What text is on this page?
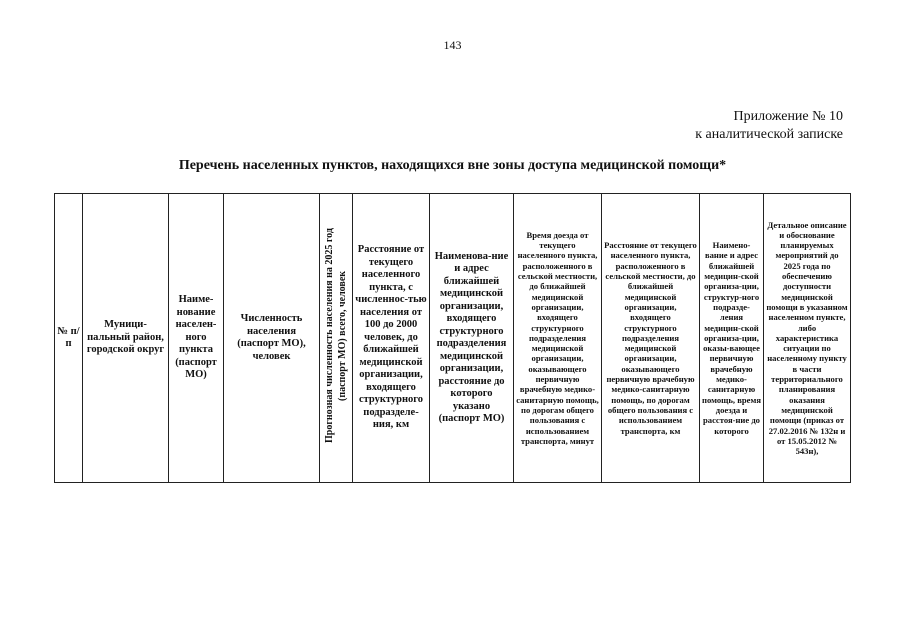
143
Приложение № 10
к аналитической записке
Перечень населенных пунктов, находящихся вне зоны доступа медицинской помощи*
№ п/п	Муници-пальный район, городской округ	Наиме-нование населен-ного пункта (паспорт МО)	Численность населения (паспорт МО), человек	Прогнозная численность населения на 2025 год (паспорт МО) всего, человек	Расстояние от текущего населенного пункта, с численнос-тью населения от 100 до 2000 человек, до ближайшей медицинской организации, входящего структурного подразделе-ния, км	Наименова-ние и адрес ближайшей медицинской организации, входящего структурного подразделения медицинской организации, расстояние до которого указано (паспорт МО)	Время доезда от текущего населенного пункта, расположенного в сельской местности, до ближайшей медицинской организации, входящего структурного подразделения медицинской организации, оказывающего первичную врачебную медико-санитарную помощь, по дорогам общего пользования с использованием транспорта, минут	Расстояние от текущего населенного пункта, расположенного в сельской местности, до ближайшей медицинской организации, входящего структурного подразделения медицинской организации, оказывающего первичную врачебную медико-санитарную помощь, по дорогам общего пользования с использованием транспорта, км	Наимено-вание и адрес ближайшей медицин-ской организа-ции, структур-ного подразде-ления медицин-ской организа-ции, оказы-вающее первичную врачебную медико-санитарную помощь, время доезда и расстоя-ние до которого	Детальное описание и обоснование планируемых мероприятий до 2025 года по обеспечению доступности медицинской помощи в указанном населенном пункте, либо характеристика ситуации по населенному пункту в части территориального планирования оказания медицинской помощи (приказ от 27.02.2016 № 132н и от 15.05.2012 № 543н),
